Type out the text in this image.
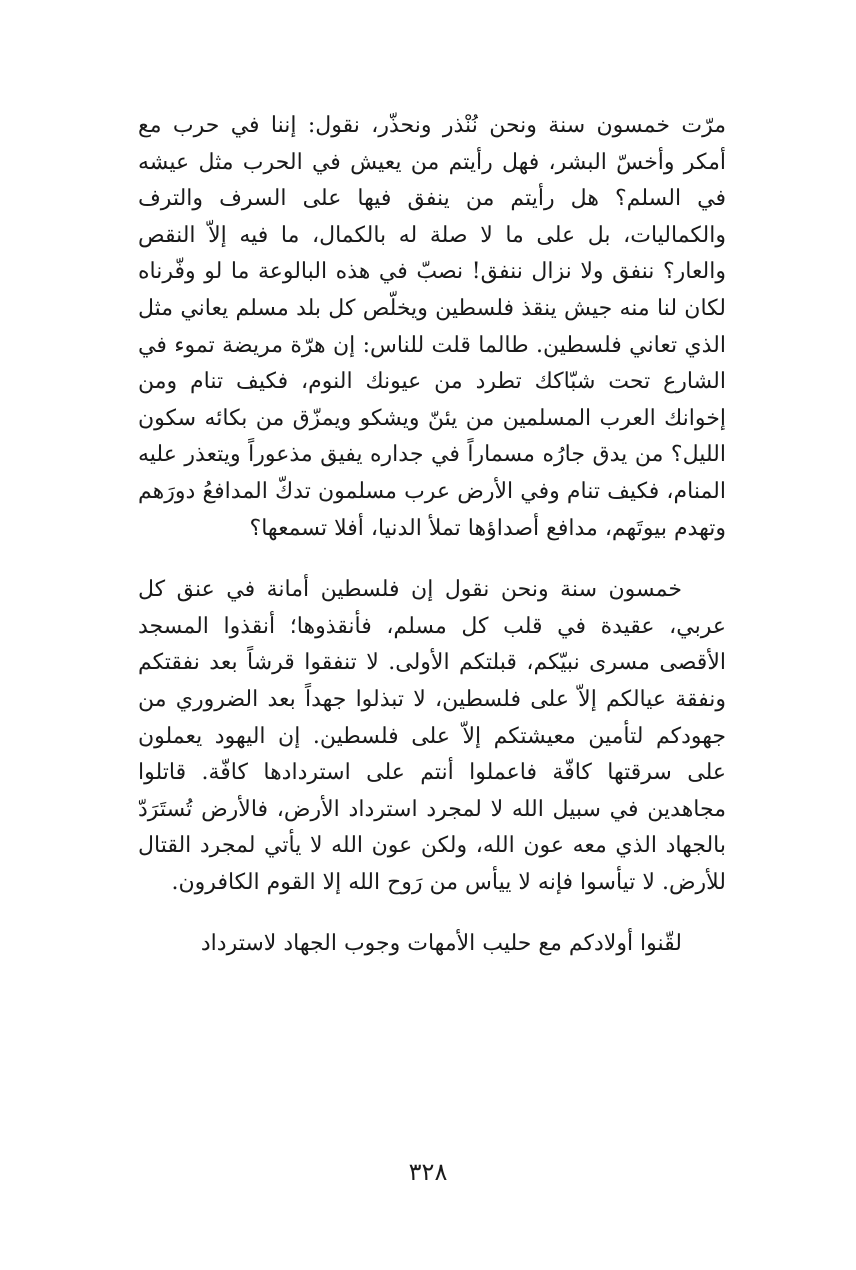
مرّت خمسون سنة ونحن نُنْذر ونحذّر، نقول: إننا في حرب مع أمكر وأخسّ البشر، فهل رأيتم من يعيش في الحرب مثل عيشه في السلم؟ هل رأيتم من ينفق فيها على السرف والترف والكماليات، بل على ما لا صلة له بالكمال، ما فيه إلاّ النقص والعار؟ ننفق ولا نزال ننفق! نصبّ في هذه البالوعة ما لو وفّرناه لكان لنا منه جيش ينقذ فلسطين ويخلّص كل بلد مسلم يعاني مثل الذي تعاني فلسطين. طالما قلت للناس: إن هرّة مريضة تموء في الشارع تحت شبّاكك تطرد من عيونك النوم، فكيف تنام ومن إخوانك العرب المسلمين من يئنّ ويشكو ويمزّق من بكائه سكون الليل؟ من يدق جارُه مسماراً في جداره يفيق مذعوراً ويتعذر عليه المنام، فكيف تنام وفي الأرض عرب مسلمون تدكّ المدافعُ دورَهم وتهدم بيوتَهم، مدافع أصداؤها تملأ الدنيا، أفلا تسمعها؟

خمسون سنة ونحن نقول إن فلسطين أمانة في عنق كل عربي، عقيدة في قلب كل مسلم، فأنقذوها؛ أنقذوا المسجد الأقصى مسرى نبيّكم، قبلتكم الأولى. لا تنفقوا قرشاً بعد نفقتكم ونفقة عيالكم إلاّ على فلسطين، لا تبذلوا جهداً بعد الضروري من جهودكم لتأمين معيشتكم إلاّ على فلسطين. إن اليهود يعملون على سرقتها كافّة فاعملوا أنتم على استردادها كافّة. قاتلوا مجاهدين في سبيل الله لا لمجرد استرداد الأرض، فالأرض تُستَرَدّ بالجهاد الذي معه عون الله، ولكن عون الله لا يأتي لمجرد القتال للأرض. لا تيأسوا فإنه لا ييأس من رَوح الله إلا القوم الكافرون.

لقّنوا أولادكم مع حليب الأمهات وجوب الجهاد لاسترداد

٣٢٨
